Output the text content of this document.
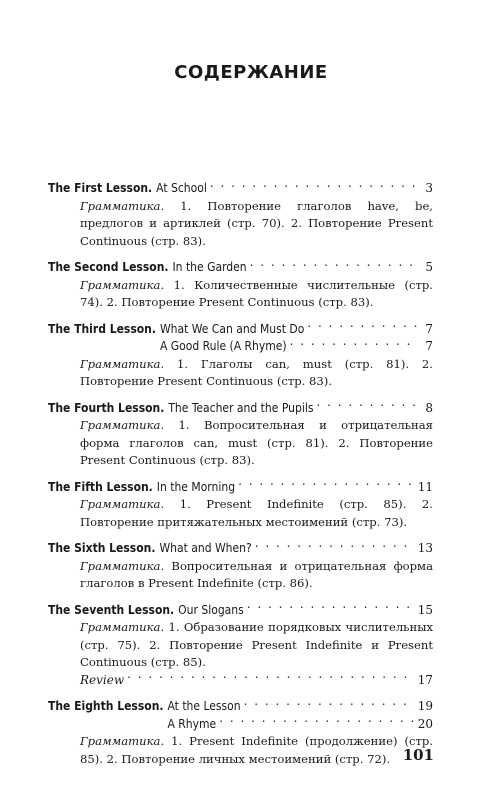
СОДЕРЖАНИЕ
The First Lesson. At School . . .	3
Грамматика. 1. Повторение глаголов have, be, предлогов и артиклей (стр. 70). 2. Повторение Present Continuous (стр. 83).
The Second Lesson. In the Garden . . .	5
Грамматика. 1. Количественные числительные (стр. 74). 2. Повторение Present Continuous (стр. 83).
The Third Lesson. What We Can and Must Do . . .	7
A Good Rule (A Rhyme) . . .	7
Грамматика. 1. Глаголы can, must (стр. 81). 2. Повторение Present Continuous (стр. 83).
The Fourth Lesson. The Teacher and the Pupils . . .	8
Грамматика. 1. Вопросительная и отрицательная форма глаголов can, must (стр. 81). 2. Повторение Present Continuous (стр. 83).
The Fifth Lesson. In the Morning . . .	11
Грамматика. 1. Present Indefinite (стр. 85). 2. Повторение притяжательных местоимений (стр. 73).
The Sixth Lesson. What and When? . . .	13
Грамматика. Вопросительная и отрицательная форма глаголов в Present Indefinite (стр. 86).
The Seventh Lesson. Our Slogans . . .	15
Грамматика. 1. Образование порядковых числительных (стр. 75). 2. Повторение Present Indefinite и Present Continuous (стр. 85).
Review . . .	17
The Eighth Lesson. At the Lesson . . .	19
A Rhyme . . .	20
Грамматика. 1. Present Indefinite (продолжение) (стр. 85). 2. Повторение личных местоимений (стр. 72). 101
